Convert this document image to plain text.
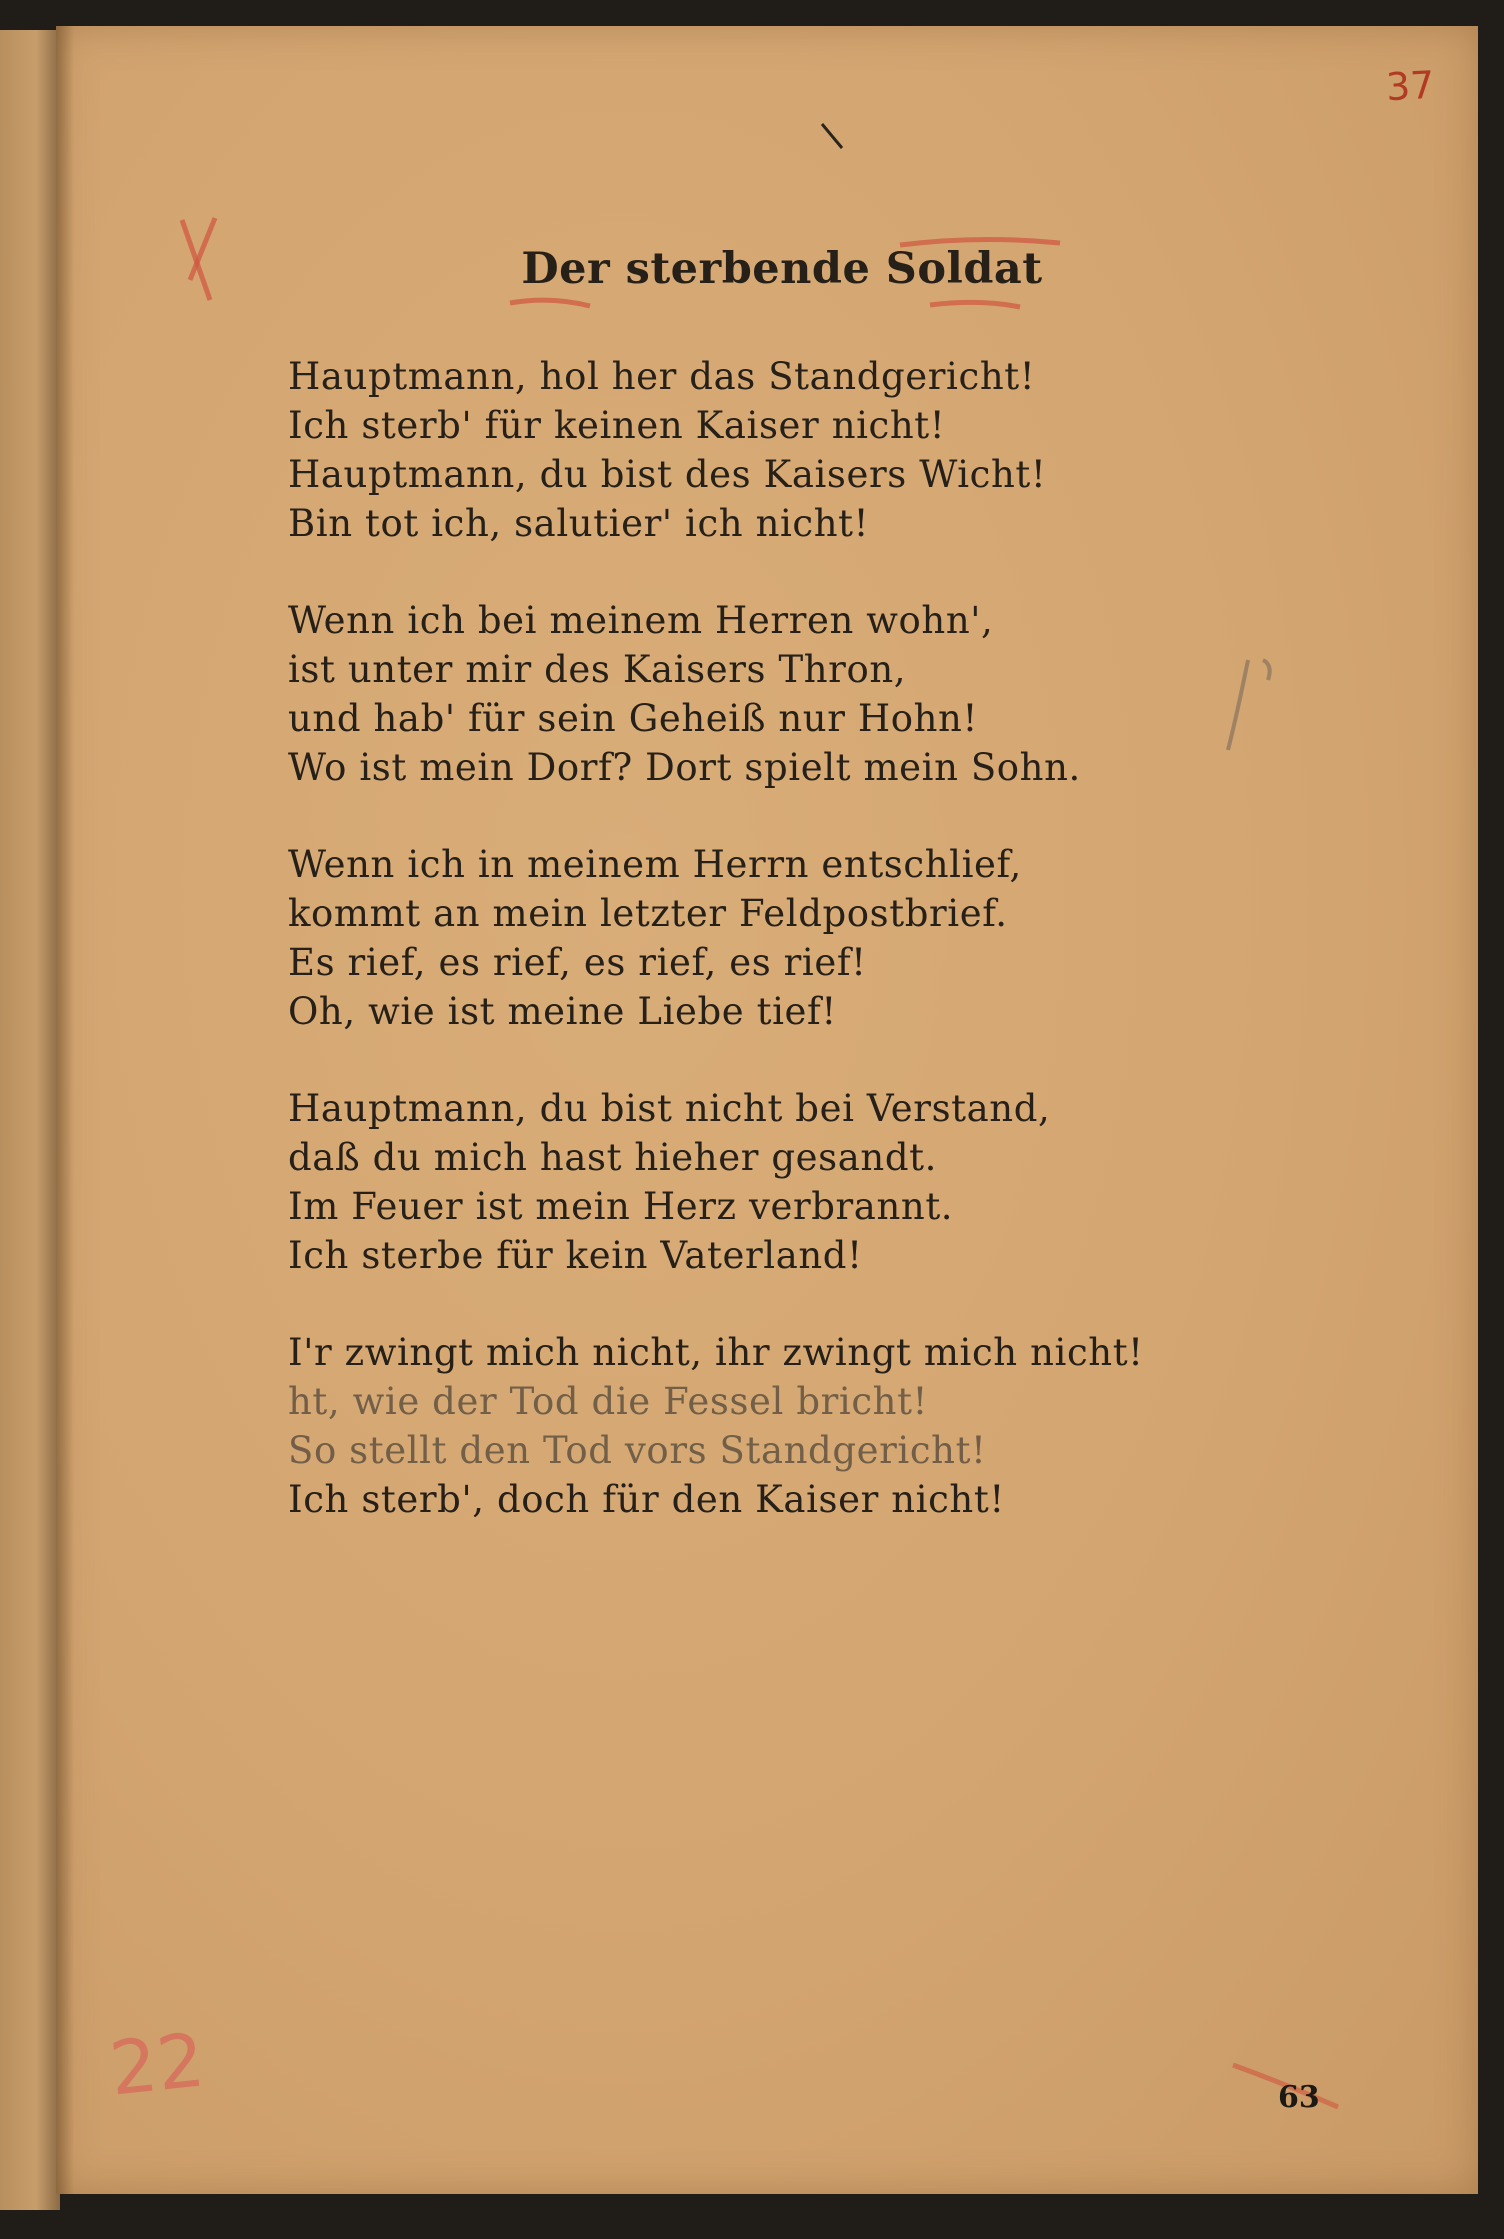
37
22
Der sterbende Soldat
Hauptmann, hol her das Standgericht!
Ich sterb' für keinen Kaiser nicht!
Hauptmann, du bist des Kaisers Wicht!
Bin tot ich, salutier' ich nicht!
Wenn ich bei meinem Herren wohn',
ist unter mir des Kaisers Thron,
und hab' für sein Geheiß nur Hohn!
Wo ist mein Dorf? Dort spielt mein Sohn.
Wenn ich in meinem Herrn entschlief,
kommt an mein letzter Feldpostbrief.
Es rief, es rief, es rief, es rief!
Oh, wie ist meine Liebe tief!
Hauptmann, du bist nicht bei Verstand,
daß du mich hast hieher gesandt.
Im Feuer ist mein Herz verbrannt.
Ich sterbe für kein Vaterland!
I'r zwingt mich nicht, ihr zwingt mich nicht!
ht, wie der Tod die Fessel bricht!
So stellt den Tod vors Standgericht!
Ich sterb', doch für den Kaiser nicht!
63
